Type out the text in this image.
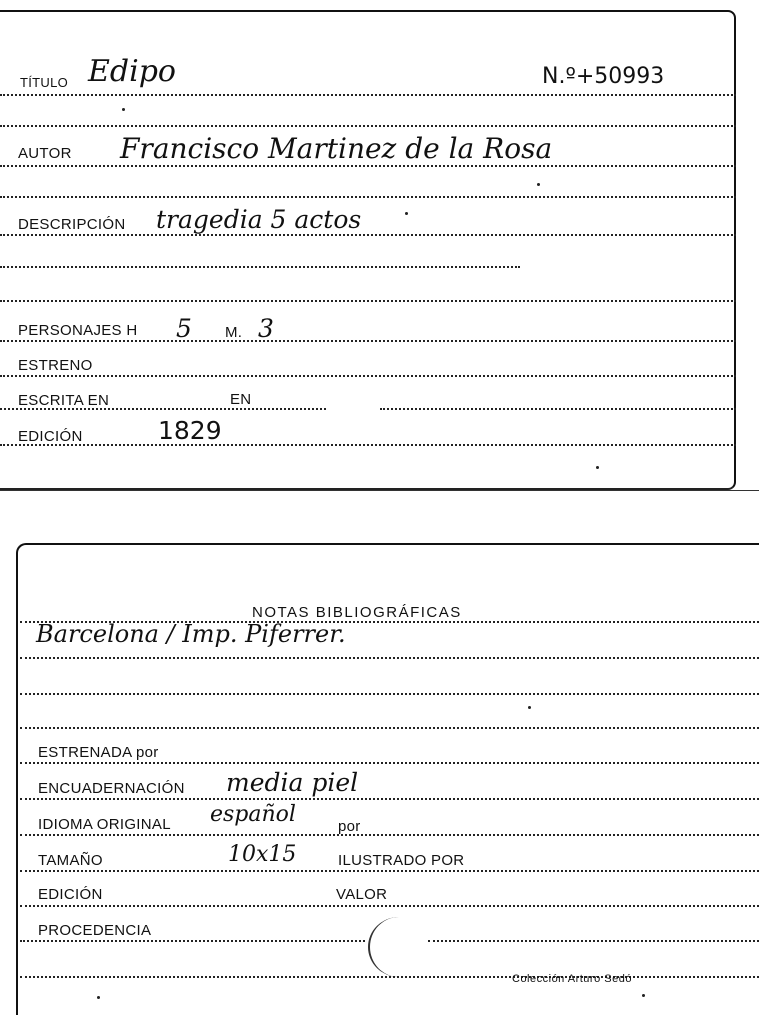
TÍTULO Edipo	N.º+50993
AUTOR Francisco Martinez de la Rosa
DESCRIPCIÓN tragedia 5 actos
PERSONAJES H 5 M. 3
ESTRENO
ESCRITA EN	EN
EDICIÓN	1829
NOTAS BIBLIOGRÁFICAS
Barcelona / Imp. Piferrer.
ESTRENADA por
ENCUADERNACIÓN media piel
IDIOMA ORIGINAL español	por
TAMAÑO	10x15	ILUSTRADO POR
EDICIÓN	VALOR
PROCEDENCIA
Colección Arturo Sedó
